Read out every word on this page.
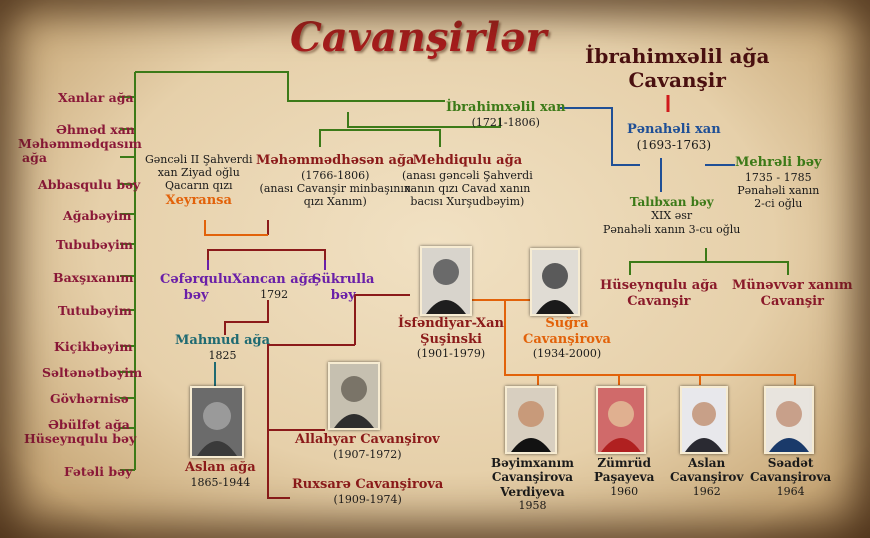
Cavanşirlər İbrahimxəlil ağa
Cavanşir
Xanlar ağa
Əhməd xan
Məhəmmədqasım
ağa
Abbasqulu bəy
Ağabəyim
Tububəyim
Baxşıxanım
Tutubəyim
Kiçikbəyim
Səltənətbəyim
Gövhərnisə
Əbülfət ağa
Hüseynqulu bəy
Fətəli bəy
İbrahimxəlil xan
(1721-1806)	Pənahəli xan
(1693-1763)
Mehrəli bəy
1735 - 1785
Pənahəli xanın
2-ci oğlu
Talıbxan bəy
XIX əsr
Pənahəli xanın 3-cu oğlu
Hüseynqulu ağa
Cavanşir
Münəvvər xanım
Cavanşir
Məhəmmədhəsən ağa
(1766-1806)
(anası Cavanşir minbaşının
qızı Xanım)
Mehdiqulu ağa
(anası gəncəli Şahverdi
xanın qızı Cavad xanın
bacısı Xurşudbəyim)
Gəncəli II Şahverdi
xan Ziyad oğlu
Qacarın qızı
Xeyransa
Cəfərqulu
bəy
Xancan ağa
1792
Şükrulla
bəy
Mahmud ağa
1825
Aslan ağa
1865-1944
Allahyar Cavanşirov
(1907-1972)
Ruxsarə Cavanşirova
(1909-1974)
İsfəndiyar-Xan
Şuşinski
(1901-1979)
Suğra
Cavanşirova
(1934-2000)
Bəyimxanım
Cavanşirova
Verdiyeva
1958
Zümrüd
Paşayeva
1960
Aslan
Cavanşirov
1962
Səadət
Cavanşirova
1964
